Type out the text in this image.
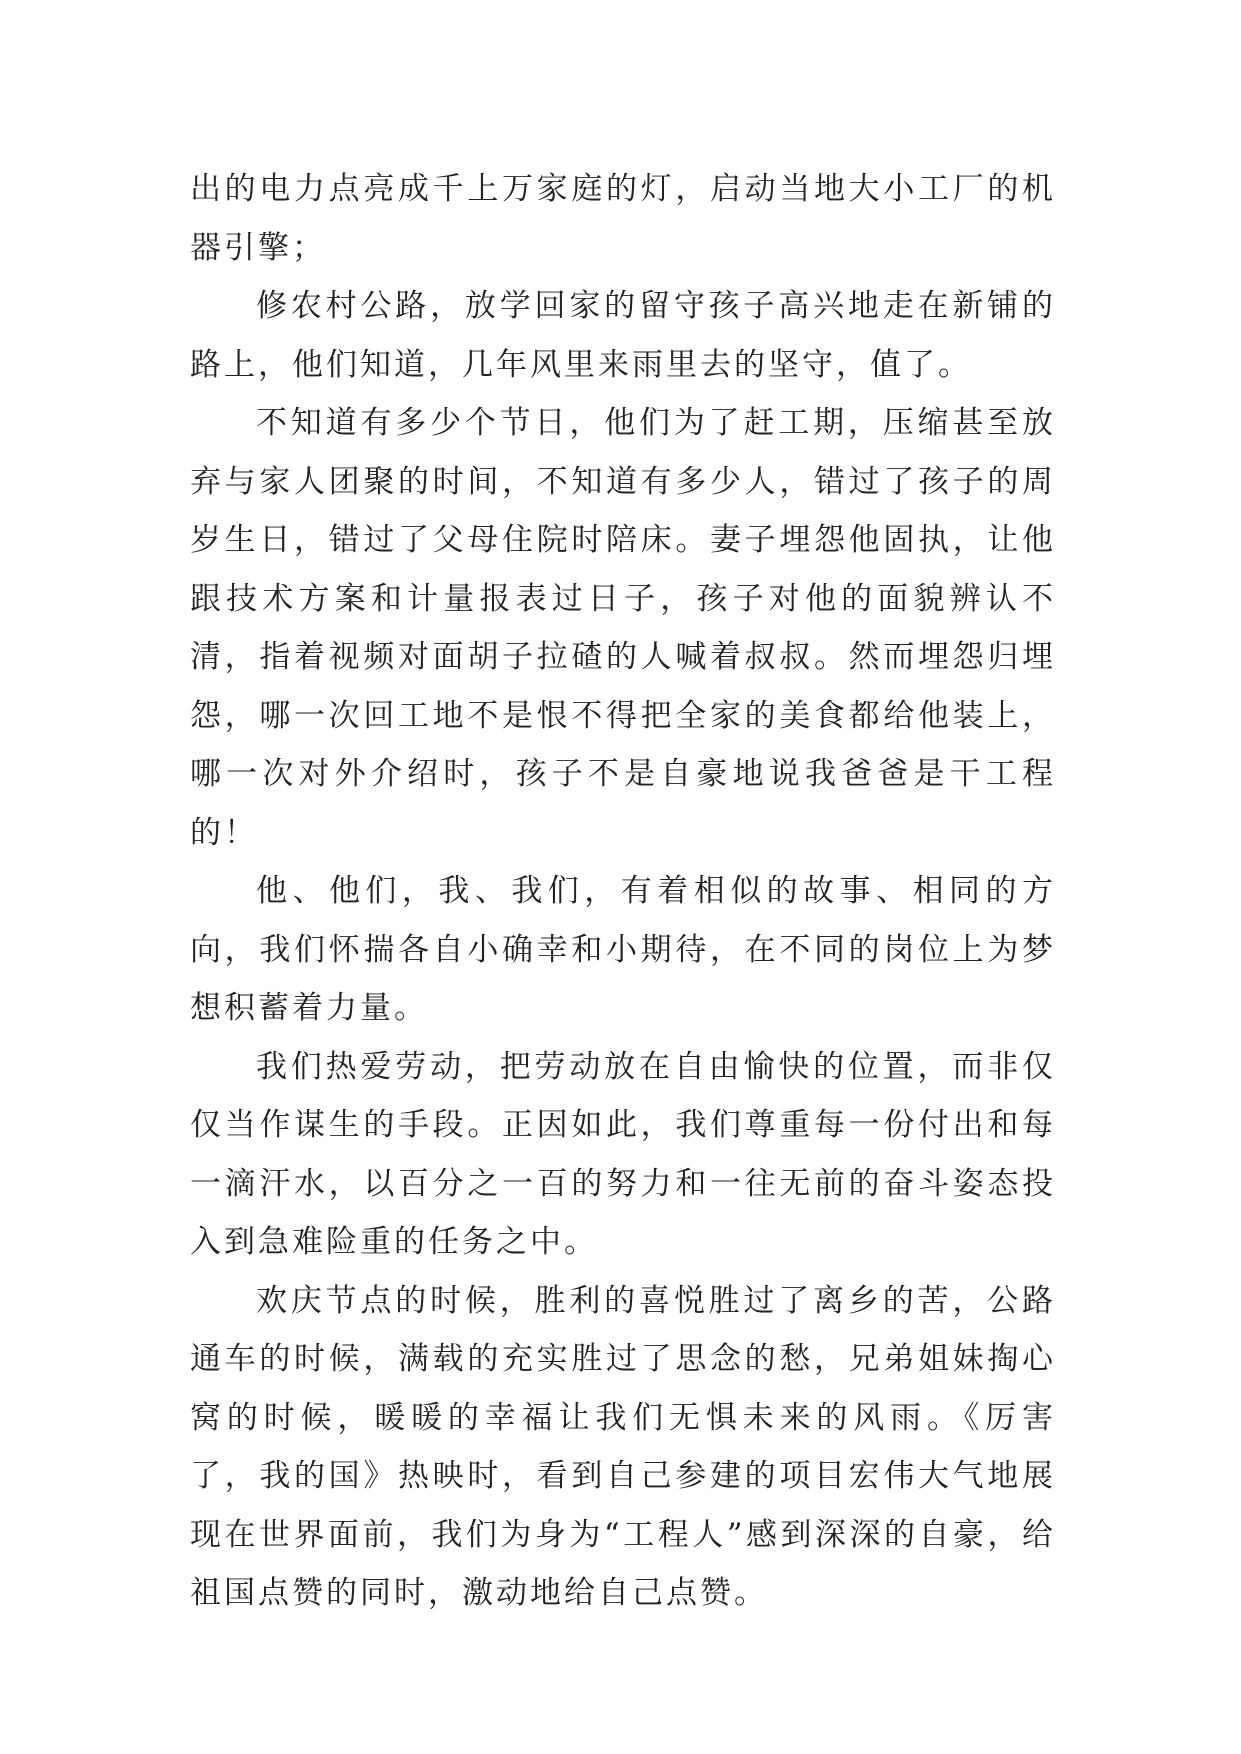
出的电力点亮成千上万家庭的灯，启动当地大小工厂的机器引擎；

修农村公路，放学回家的留守孩子高兴地走在新铺的路上，他们知道，几年风里来雨里去的坚守，值了。

不知道有多少个节日，他们为了赶工期，压缩甚至放弃与家人团聚的时间，不知道有多少人，错过了孩子的周岁生日，错过了父母住院时陪床。妻子埋怨他固执，让他跟技术方案和计量报表过日子，孩子对他的面貌辨认不清，指着视频对面胡子拉碴的人喊着叔叔。然而埋怨归埋怨，哪一次回工地不是恨不得把全家的美食都给他装上，哪一次对外介绍时，孩子不是自豪地说我爸爸是干工程的！

他、他们，我、我们，有着相似的故事、相同的方向，我们怀揣各自小确幸和小期待，在不同的岗位上为梦想积蓄着力量。

我们热爱劳动，把劳动放在自由愉快的位置，而非仅仅当作谋生的手段。正因如此，我们尊重每一份付出和每一滴汗水，以百分之一百的努力和一往无前的奋斗姿态投入到急难险重的任务之中。

欢庆节点的时候，胜利的喜悦胜过了离乡的苦，公路通车的时候，满载的充实胜过了思念的愁，兄弟姐妹掏心窝的时候，暖暖的幸福让我们无惧未来的风雨。《厉害了，我的国》热映时，看到自己参建的项目宏伟大气地展现在世界面前，我们为身为“工程人”感到深深的自豪，给祖国点赞的同时，激动地给自己点赞。
